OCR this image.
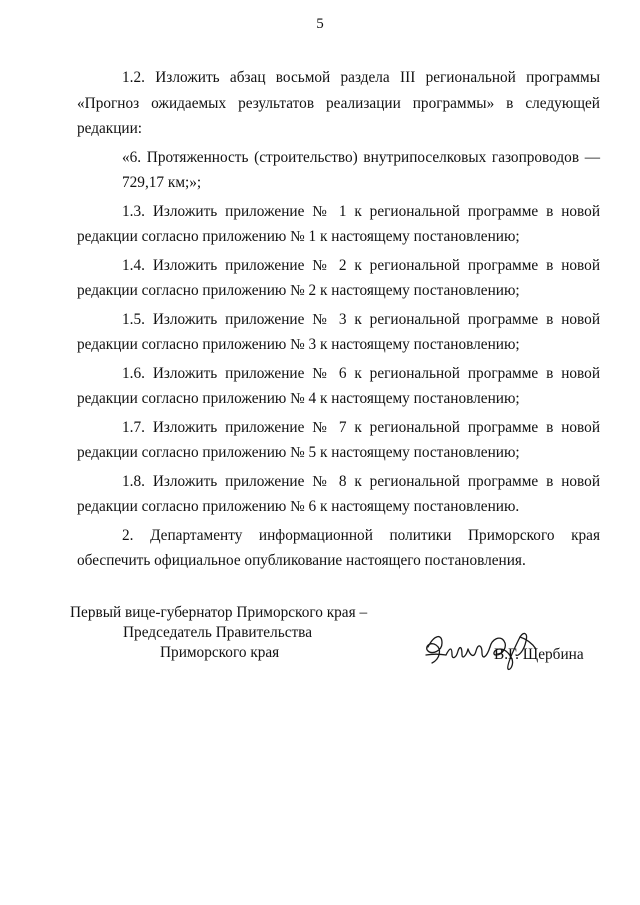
5

1.2. Изложить абзац восьмой раздела III региональной программы «Прогноз ожидаемых результатов реализации программы» в следующей редакции:

«6. Протяженность (строительство) внутрипоселковых газопроводов —

729,17 км;»;

1.3. Изложить приложение № 1 к региональной программе в новой редакции согласно приложению № 1 к настоящему постановлению;

1.4. Изложить приложение № 2 к региональной программе в новой редакции согласно приложению № 2 к настоящему постановлению;

1.5. Изложить приложение № 3 к региональной программе в новой редакции согласно приложению № 3 к настоящему постановлению;

1.6. Изложить приложение № 6 к региональной программе в новой редакции согласно приложению № 4 к настоящему постановлению;

1.7. Изложить приложение № 7 к региональной программе в новой редакции согласно приложению № 5 к настоящему постановлению;

1.8. Изложить приложение № 8 к региональной программе в новой редакции согласно приложению № 6 к настоящему постановлению.

2. Департаменту информационной политики Приморского края обеспечить официальное опубликование настоящего постановления.

Первый вице-губернатор Приморского края –
Председатель Правительства
Приморского края	В.Г. Щербина
